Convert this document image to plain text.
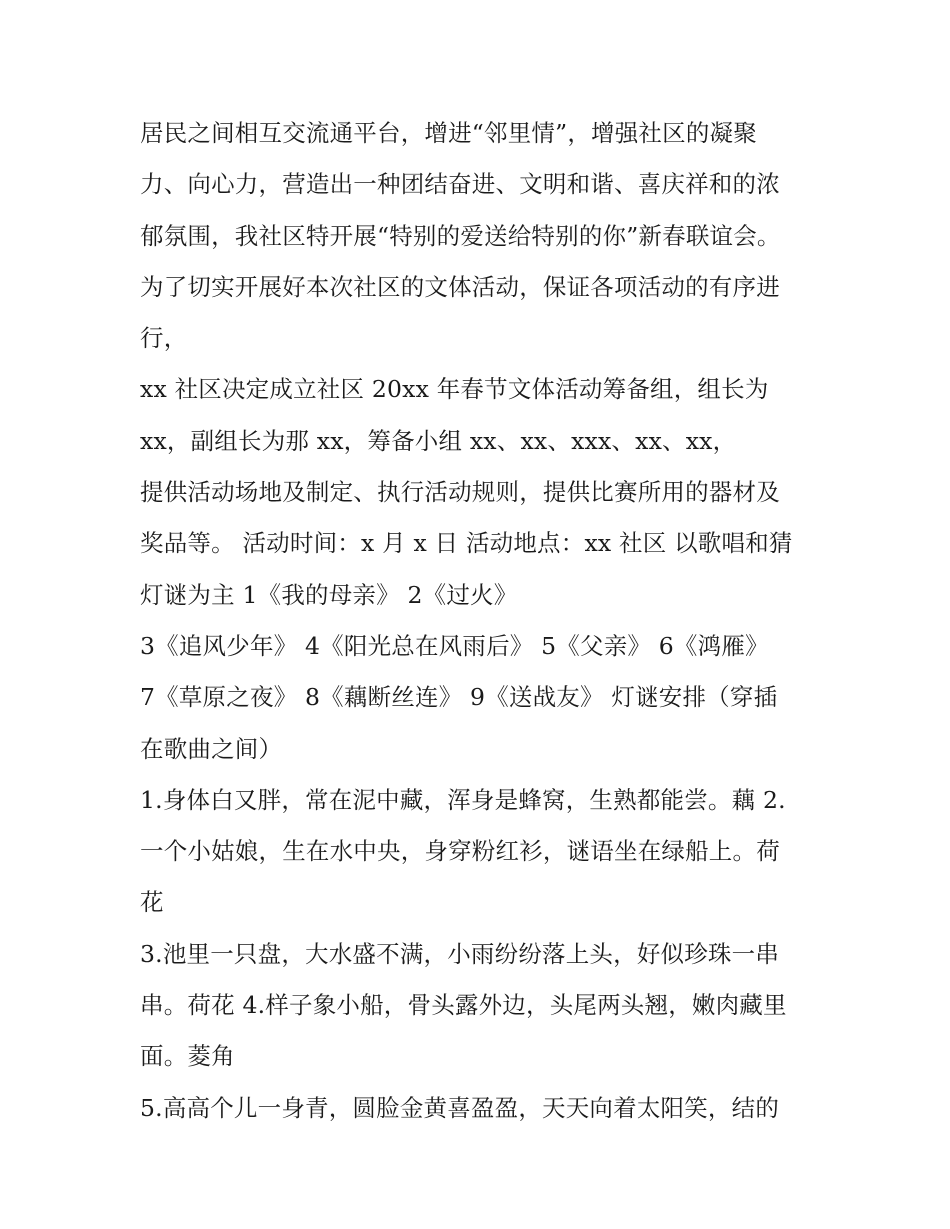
居民之间相互交流通平台，增进“邻里情”，增强社区的凝聚
力、向心力，营造出一种团结奋进、文明和谐、喜庆祥和的浓
郁氛围，我社区特开展“特别的爱送给特别的你”新春联谊会。
为了切实开展好本次社区的文体活动，保证各项活动的有序进
行，
xx 社区决定成立社区 20xx 年春节文体活动筹备组，组长为
xx，副组长为那 xx，筹备小组 xx、xx、xxx、xx、xx，
提供活动场地及制定、执行活动规则，提供比赛所用的器材及
奖品等。 活动时间：x 月 x 日 活动地点：xx 社区 以歌唱和猜
灯谜为主 1《我的母亲》 2《过火》
3《追风少年》 4《阳光总在风雨后》 5《父亲》 6《鸿雁》
7《草原之夜》 8《藕断丝连》 9《送战友》 灯谜安排（穿插
在歌曲之间）
1.身体白又胖，常在泥中藏，浑身是蜂窝，生熟都能尝。藕 2.
一个小姑娘，生在水中央，身穿粉红衫，谜语坐在绿船上。荷
花
3.池里一只盘，大水盛不满，小雨纷纷落上头，好似珍珠一串
串。荷花 4.样子象小船，骨头露外边，头尾两头翘，嫩肉藏里
面。菱角
5.高高个儿一身青，圆脸金黄喜盈盈，天天向着太阳笑，结的
